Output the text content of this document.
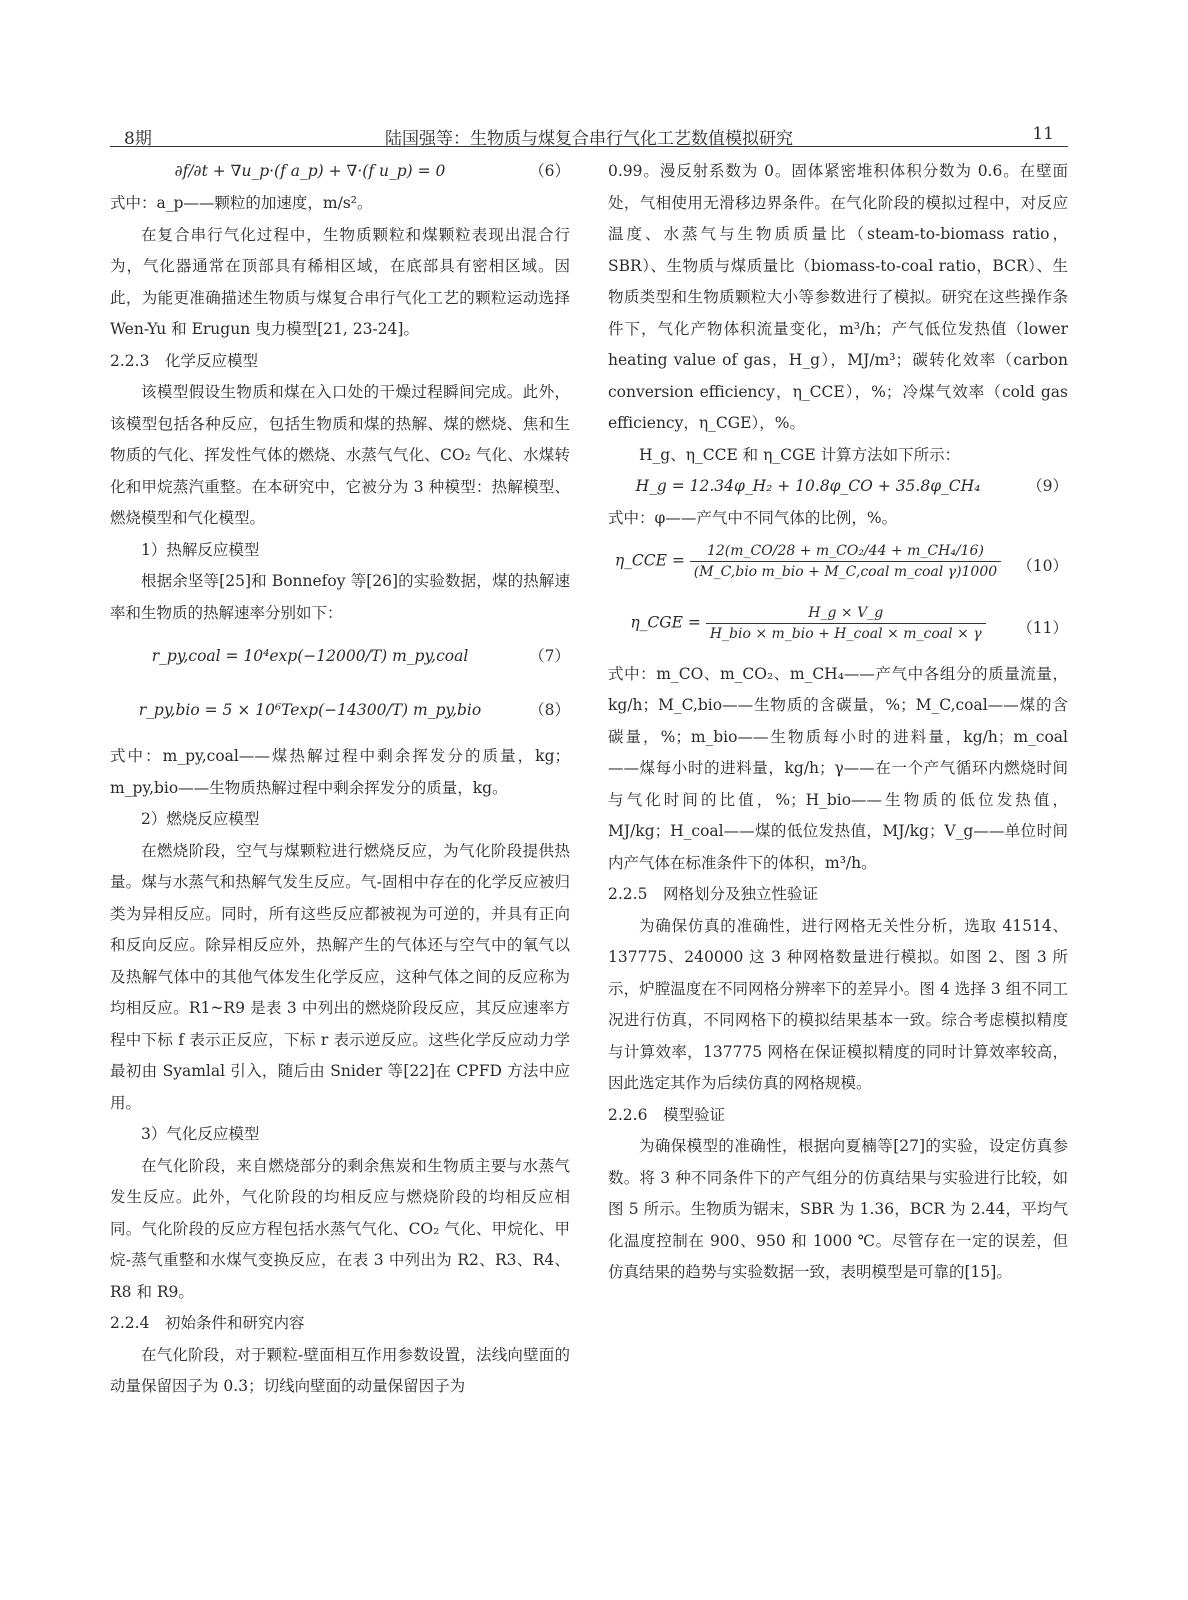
8期	陆国强等：生物质与煤复合串行气化工艺数值模拟研究	11
∂f/∂t + ∇u_p·(f a_p) + ∇·(f u_p) = 0	（6）

式中：a_p——颗粒的加速度，m/s²。

在复合串行气化过程中，生物质颗粒和煤颗粒表现出混合行为，气化器通常在顶部具有稀相区域，在底部具有密相区域。因此，为能更准确描述生物质与煤复合串行气化工艺的颗粒运动选择 Wen-Yu 和 Erugun 曳力模型[21, 23-24]。

2.2.3　化学反应模型

该模型假设生物质和煤在入口处的干燥过程瞬间完成。此外，该模型包括各种反应，包括生物质和煤的热解、煤的燃烧、焦和生物质的气化、挥发性气体的燃烧、水蒸气气化、CO₂ 气化、水煤转化和甲烷蒸汽重整。在本研究中，它被分为 3 种模型：热解模型、燃烧模型和气化模型。

1）热解反应模型

根据余坚等[25]和 Bonnefoy 等[26]的实验数据，煤的热解速率和生物质的热解速率分别如下：

r_py,coal = 10⁴exp(−12000/T) m_py,coal	（7）
r_py,bio = 5 × 10⁶Texp(−14300/T) m_py,bio	（8）

式中：m_py,coal——煤热解过程中剩余挥发分的质量，kg；m_py,bio——生物质热解过程中剩余挥发分的质量，kg。

2）燃烧反应模型

在燃烧阶段，空气与煤颗粒进行燃烧反应，为气化阶段提供热量。煤与水蒸气和热解气发生反应。气-固相中存在的化学反应被归类为异相反应。同时，所有这些反应都被视为可逆的，并具有正向和反向反应。除异相反应外，热解产生的气体还与空气中的氧气以及热解气体中的其他气体发生化学反应，这种气体之间的反应称为均相反应。R1~R9 是表 3 中列出的燃烧阶段反应，其反应速率方程中下标 f 表示正反应，下标 r 表示逆反应。这些化学反应动力学最初由 Syamlal 引入，随后由 Snider 等[22]在 CPFD 方法中应用。

3）气化反应模型

在气化阶段，来自燃烧部分的剩余焦炭和生物质主要与水蒸气发生反应。此外，气化阶段的均相反应与燃烧阶段的均相反应相同。气化阶段的反应方程包括水蒸气气化、CO₂ 气化、甲烷化、甲烷-蒸气重整和水煤气变换反应，在表 3 中列出为 R2、R3、R4、R8 和 R9。

2.2.4　初始条件和研究内容

在气化阶段，对于颗粒-壁面相互作用参数设置，法线向壁面的动量保留因子为 0.3；切线向壁面的动量保留因子为

0.99。漫反射系数为 0。固体紧密堆积体积分数为 0.6。在壁面处，气相使用无滑移边界条件。在气化阶段的模拟过程中，对反应温度、水蒸气与生物质质量比（steam-to-biomass ratio，SBR）、生物质与煤质量比（biomass-to-coal ratio，BCR）、生物质类型和生物质颗粒大小等参数进行了模拟。研究在这些操作条件下，气化产物体积流量变化，m³/h；产气低位发热值（lower heating value of gas，H_g），MJ/m³；碳转化效率（carbon conversion efficiency，η_CCE），%；冷煤气效率（cold gas efficiency，η_CGE），%。

H_g、η_CCE 和 η_CGE 计算方法如下所示：

H_g = 12.34φ_H₂ + 10.8φ_CO + 35.8φ_CH₄	（9）

式中：φ——产气中不同气体的比例，%。

η_CCE = $\frac{\text{12(m\_CO/28 + m\_CO₂/44 + m\_CH₄/16)}}{\text{(M\_C,bio m\_bio + M\_C,coal m\_coal γ)1000}} (10)$
η_CGE = $\frac{H\_g \times V\_g}{\text{H\_bio × m\_bio + H\_coal × m\_coal × γ}} (11)$

式中：m_CO、m_CO₂、m_CH₄——产气中各组分的质量流量，kg/h；M_C,bio——生物质的含碳量，%；M_C,coal——煤的含碳量，%；m_bio——生物质每小时的进料量，kg/h；m_coal——煤每小时的进料量，kg/h；γ——在一个产气循环内燃烧时间与气化时间的比值，%；H_bio——生物质的低位发热值，MJ/kg；H_coal——煤的低位发热值，MJ/kg；V_g——单位时间内产气体在标准条件下的体积，m³/h。

2.2.5　网格划分及独立性验证

为确保仿真的准确性，进行网格无关性分析，选取 41514、137775、240000 这 3 种网格数量进行模拟。如图 2、图 3 所示，炉膛温度在不同网格分辨率下的差异小。图 4 选择 3 组不同工况进行仿真，不同网格下的模拟结果基本一致。综合考虑模拟精度与计算效率，137775 网格在保证模拟精度的同时计算效率较高，因此选定其作为后续仿真的网格规模。

2.2.6　模型验证

为确保模型的准确性，根据向夏楠等[27]的实验，设定仿真参数。将 3 种不同条件下的产气组分的仿真结果与实验进行比较，如图 5 所示。生物质为锯末，SBR 为 1.36，BCR 为 2.44，平均气化温度控制在 900、950 和 1000 ℃。尽管存在一定的误差，但仿真结果的趋势与实验数据一致，表明模型是可靠的[15]。
